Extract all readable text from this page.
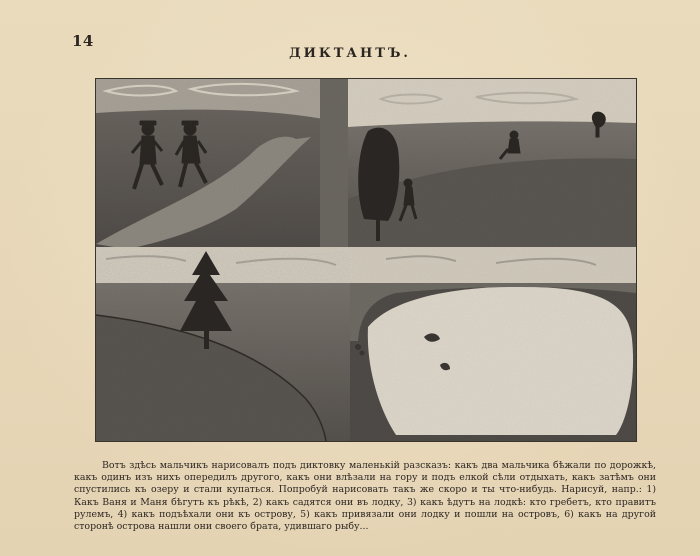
14
ДИКТАНТЪ.
Вотъ здѣсь мальчикъ нарисовалъ подъ диктовку маленькій разсказъ: какъ два мальчика бѣжали по дорожкѣ, какъ одинъ изъ нихъ опередилъ другого, какъ они влѣзали на гору и подъ елкой сѣли отдыхать, какъ затѣмъ они спустились къ озеру и стали купаться. Попробуй нарисовать такъ же скоро и ты что-нибудь. Нарисуй, напр.: 1) Какъ Ваня и Маня бѣгутъ къ рѣкѣ, 2) какъ садятся они въ лодку, 3) какъ ѣдутъ на лодкѣ: кто гребетъ, кто правитъ рулемъ, 4) какъ подъѣхали они къ острову, 5) какъ привязали они лодку и пошли на островъ, 6) какъ на другой сторонѣ острова нашли они своего брата, удившаго рыбу...
